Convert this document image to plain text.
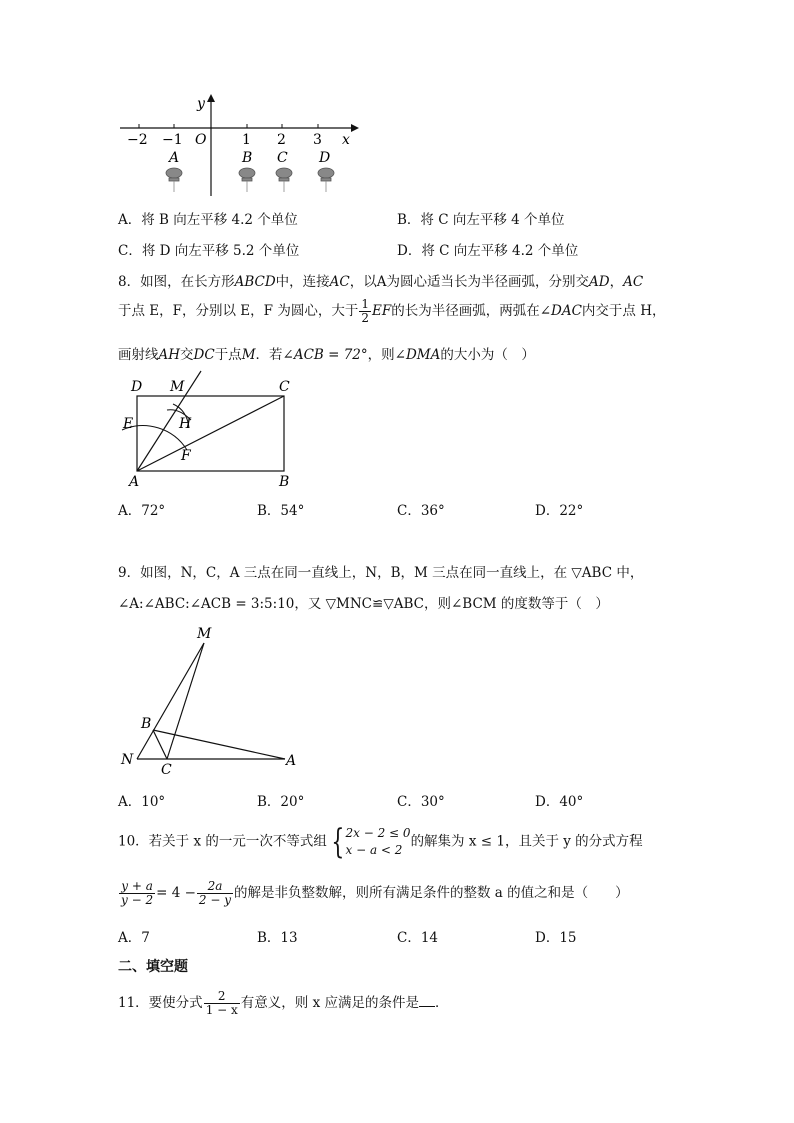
y
x
O
−2 −1	1 2 3
A	B C D
A．将 B 向左平移 4.2 个单位	B．将 C 向左平移 4 个单位
C．将 D 向左平移 5.2 个单位	D．将 C 向左平移 4.2 个单位
8．如图，在长方形ABCD中，连接AC，以A为圆心适当长为半径画弧，分别交AD，AC
于点 E，F，分别以 E，F 为圆心，大于 $\frac{1}{2}$ EF的长为半径画弧，两弧在∠DAC内交于点 H，
画射线AH交DC于点M．若∠ACB = 72°，则∠DMA的大小为（　）
D M	C
E	H
F
A	B
A．72°	B．54°	C．36°	D．22°
9．如图，N，C，A 三点在同一直线上，N，B，M 三点在同一直线上，在 ▽ABC 中，
∠A:∠ABC:∠ACB = 3:5:10，又 ▽MNC≌▽ABC，则∠BCM 的度数等于（　）
M
B
N
C
A
A．10°	B．20°	C．30°	D．40°
10．若关于 x 的一元一次不等式组 { 2x − 2 ≤ 0
x − a < 2
的解集为 x ≤ 1，且关于 y 的分式方程
$\frac{y + a}{y - 2} = 4 - \frac{2a}{2 - y}$ 的解是非负整数解，则所有满足条件的整数 a 的值之和是（　　）
A．7	B．13	C．14	D．15
二、填空题
11．要使分式 $\frac{2}{1 - x}$ 有意义，则 x 应满足的条件是 ．
